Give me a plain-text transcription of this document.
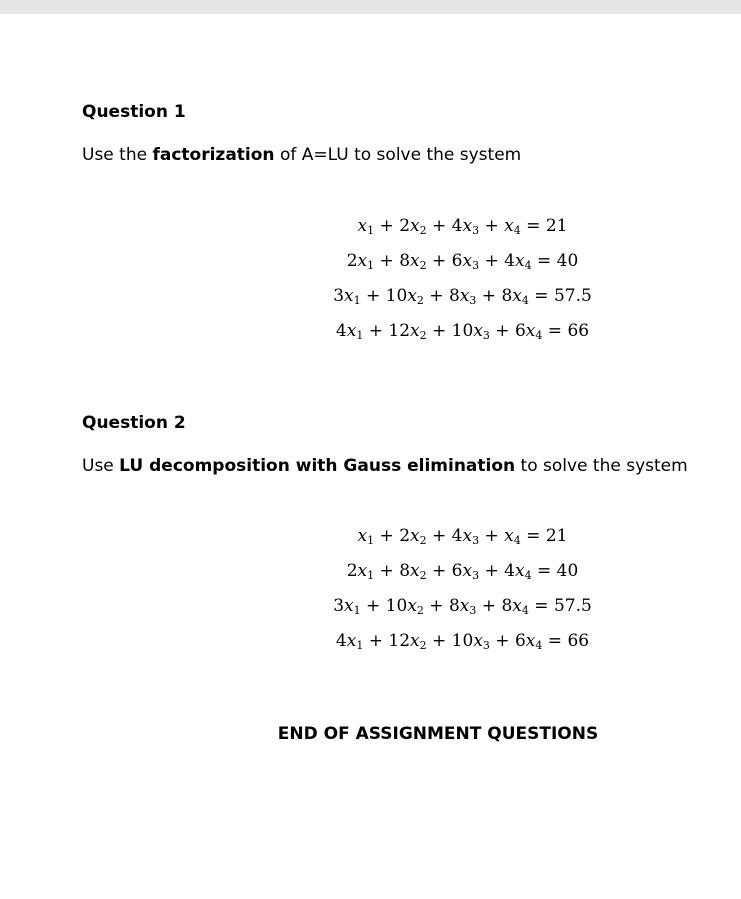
Question 1
Use the factorization of A=LU to solve the system
$x_1 + 2x_2 + 4x_3 + x_4 = 21$
$2x_1 + 8x_2 + 6x_3 + 4x_4 = 40$
$3x_1 + 10x_2 + 8x_3 + 8x_4 = 57.5$
$4x_1 + 12x_2 + 10x_3 + 6x_4 = 66$
Question 2
Use LU decomposition with Gauss elimination to solve the system
$x_1 + 2x_2 + 4x_3 + x_4 = 21$
$2x_1 + 8x_2 + 6x_3 + 4x_4 = 40$
$3x_1 + 10x_2 + 8x_3 + 8x_4 = 57.5$
$4x_1 + 12x_2 + 10x_3 + 6x_4 = 66$
END OF ASSIGNMENT QUESTIONS
